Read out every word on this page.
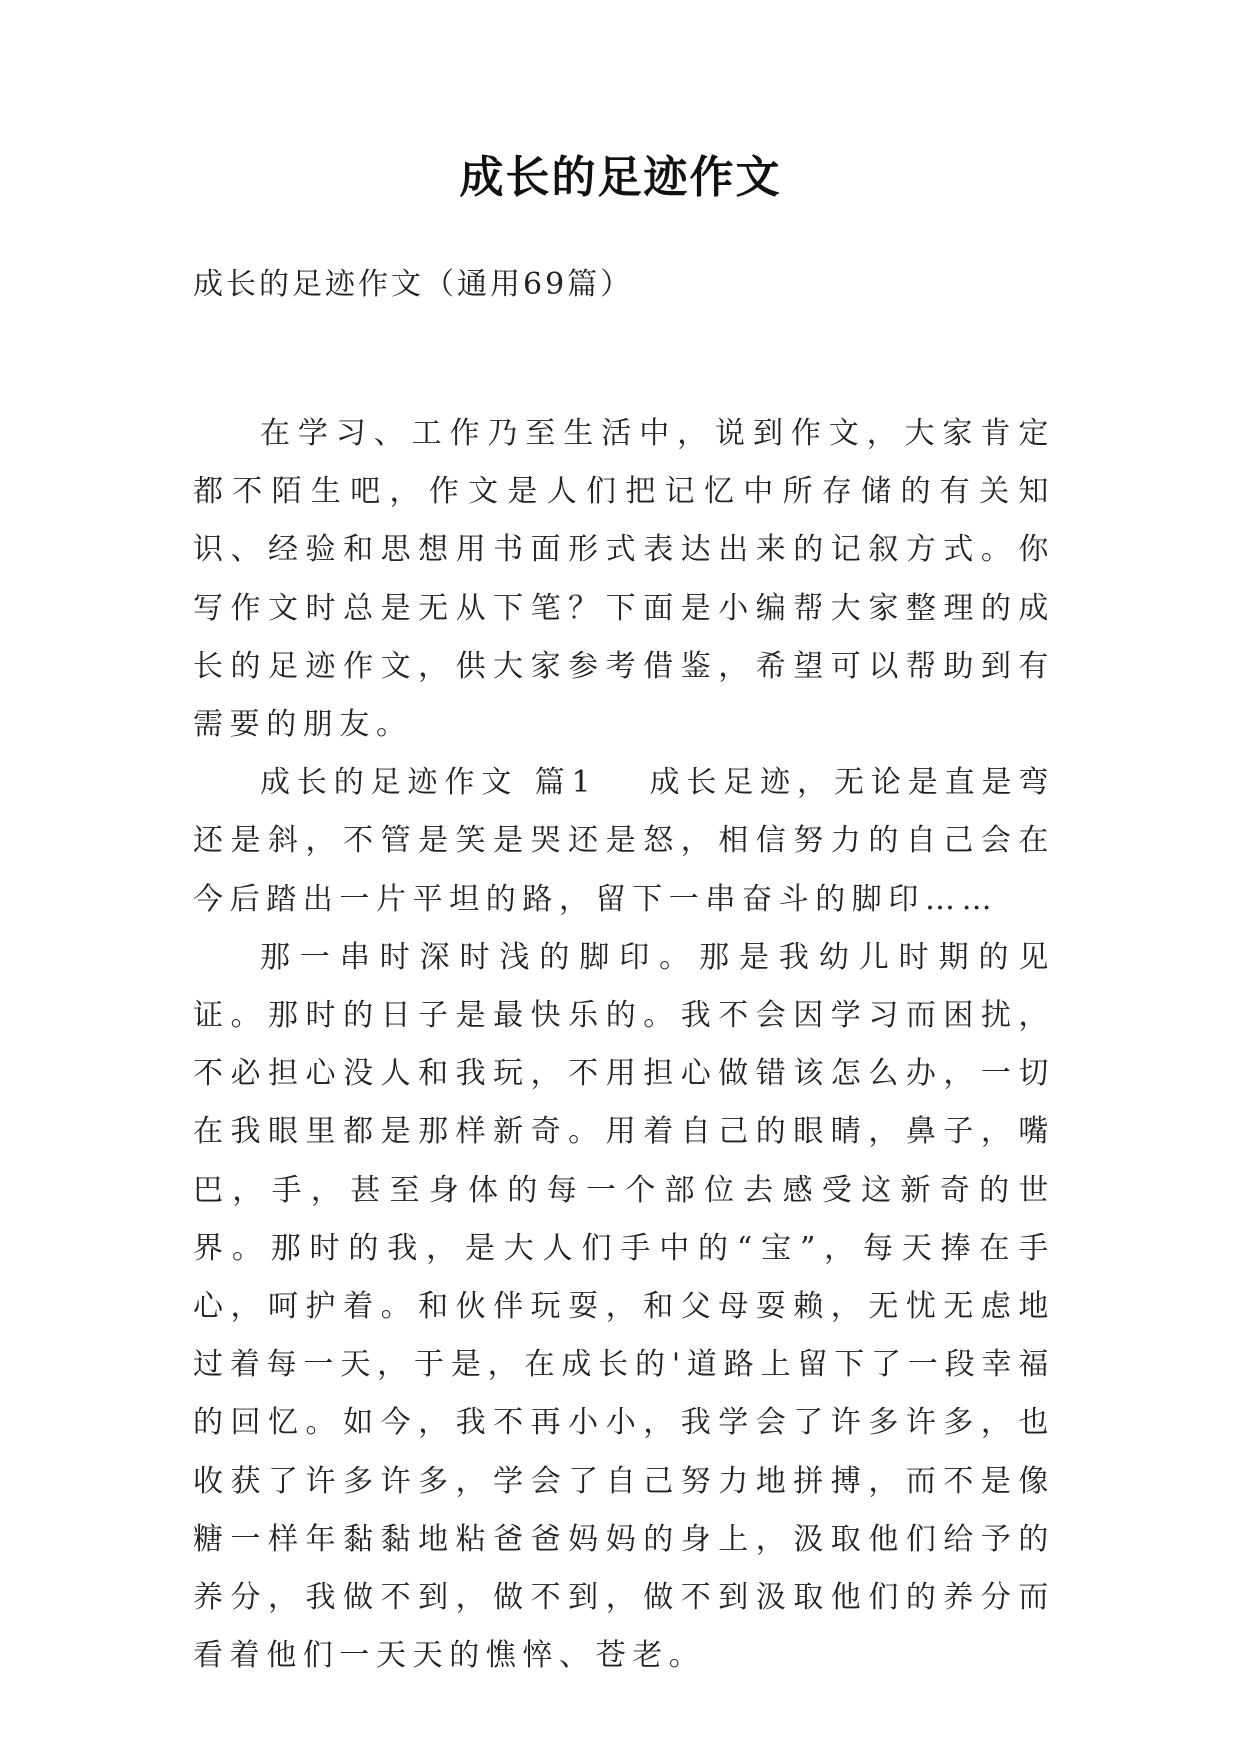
成长的足迹作文
成长的足迹作文（通用69篇）

在学习、工作乃至生活中，说到作文，大家肯定都不陌生吧，作文是人们把记忆中所存储的有关知识、经验和思想用书面形式表达出来的记叙方式。你写作文时总是无从下笔？下面是小编帮大家整理的成长的足迹作文，供大家参考借鉴，希望可以帮助到有需要的朋友。

成长的足迹作文 篇1 成长足迹，无论是直是弯还是斜，不管是笑是哭还是怒，相信努力的自己会在今后踏出一片平坦的路，留下一串奋斗的脚印……

那一串时深时浅的脚印。那是我幼儿时期的见证。那时的日子是最快乐的。我不会因学习而困扰，不必担心没人和我玩，不用担心做错该怎么办，一切在我眼里都是那样新奇。用着自己的眼睛，鼻子，嘴巴，手，甚至身体的每一个部位去感受这新奇的世界。那时的我，是大人们手中的“宝”，每天捧在手心，呵护着。和伙伴玩耍，和父母耍赖，无忧无虑地过着每一天，于是，在成长的'道路上留下了一段幸福的回忆。如今，我不再小小，我学会了许多许多，也收获了许多许多，学会了自己努力地拼搏，而不是像糖一样年黏黏地粘爸爸妈妈的身上，汲取他们给予的养分，我做不到，做不到，做不到汲取他们的养分而看着他们一天天的憔悴、苍老。
